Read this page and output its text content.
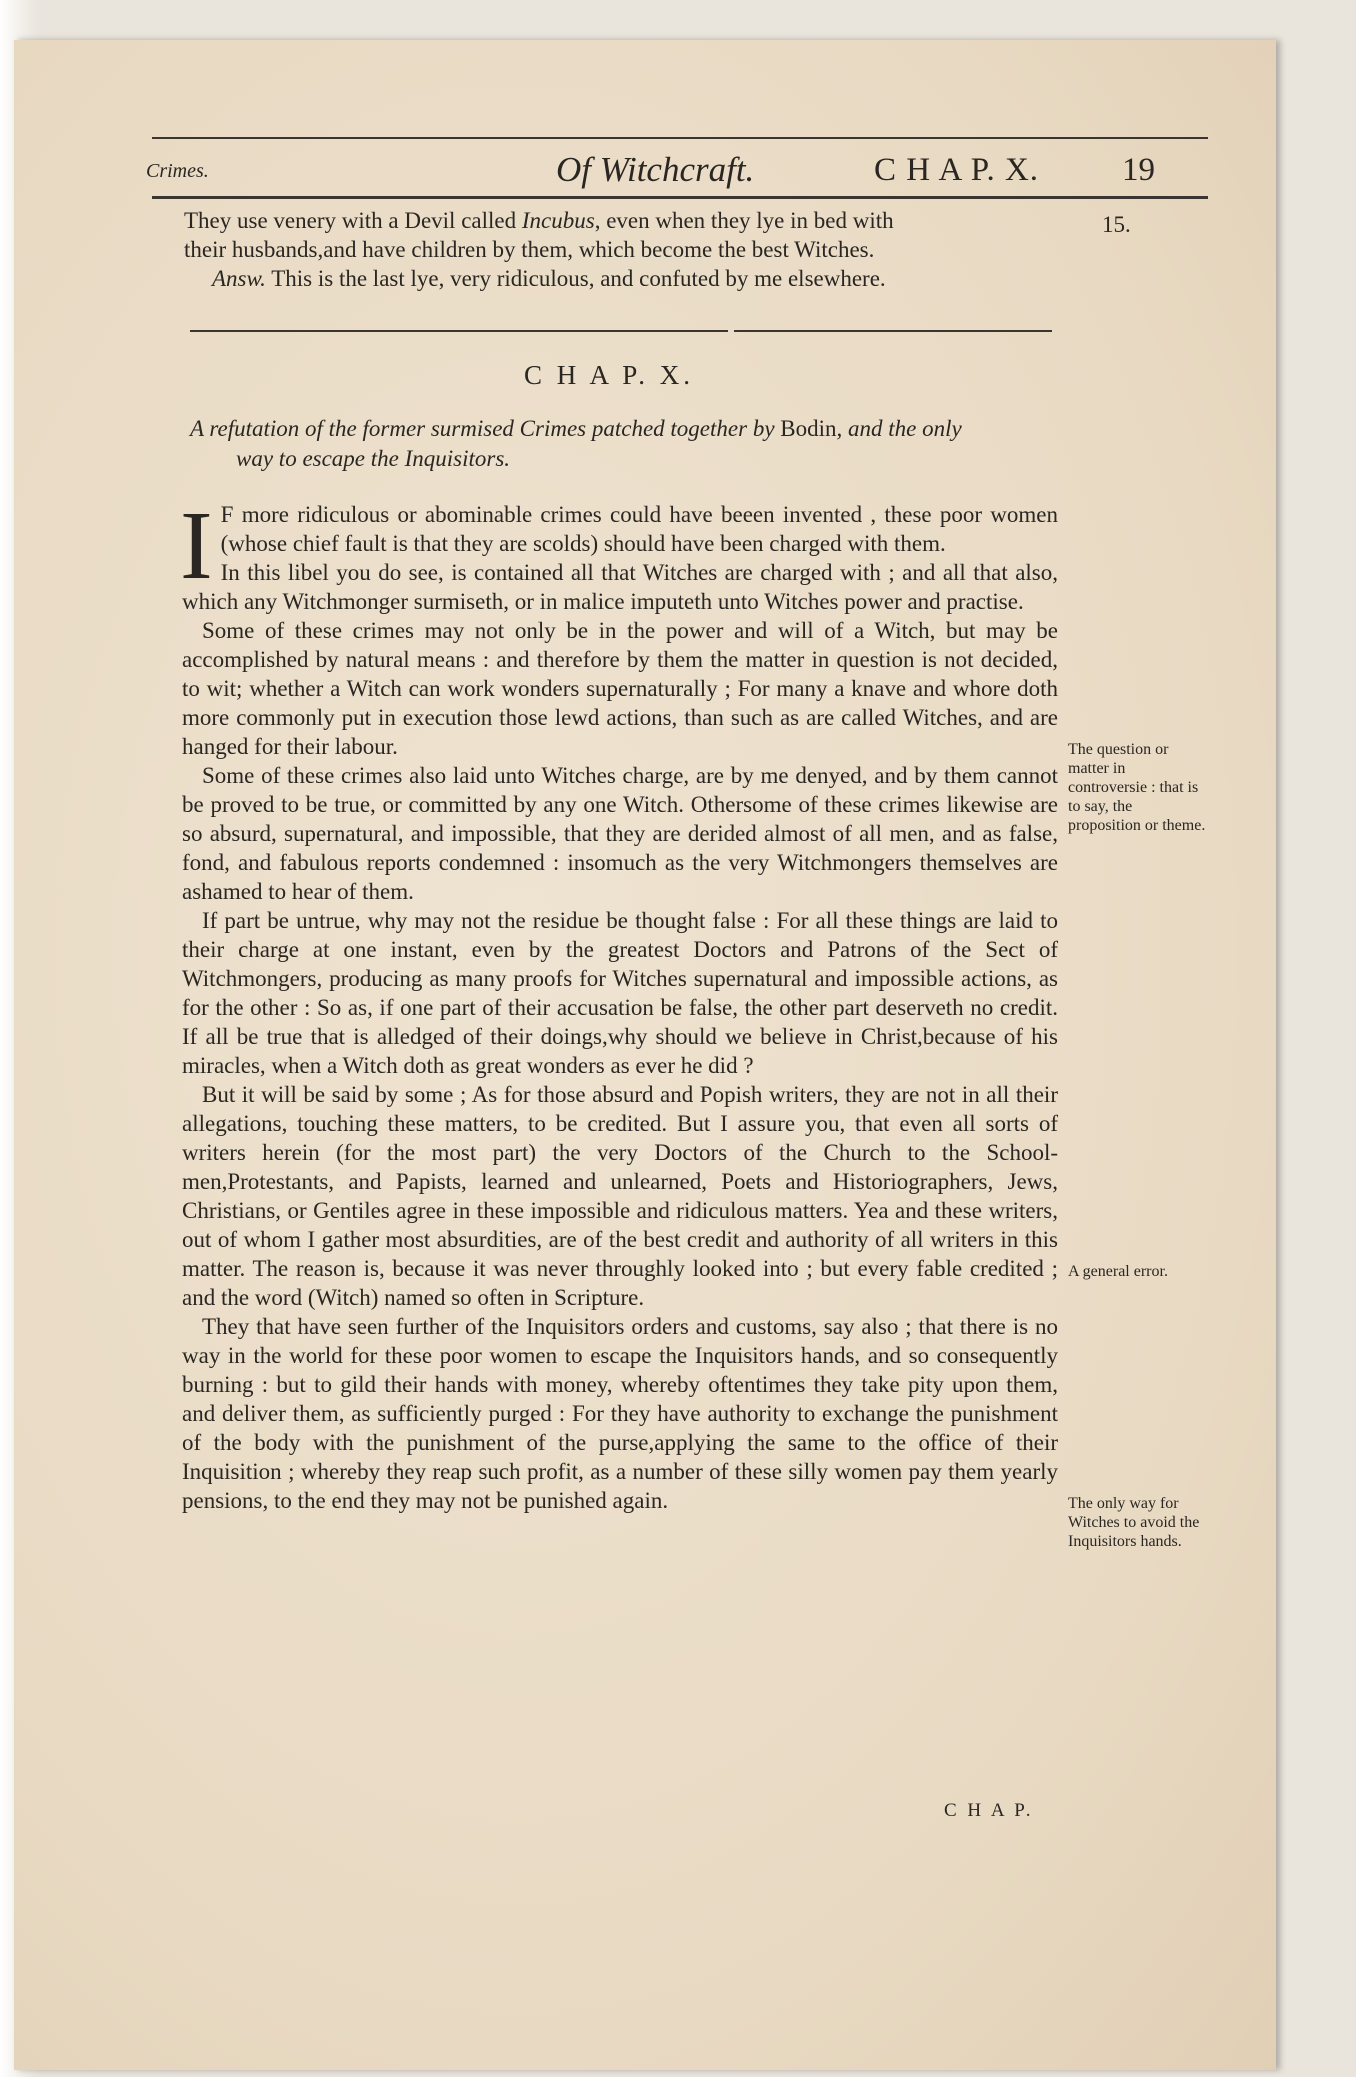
Crimes.	Of Witchcraft.	C H A P. X.	19
They use venery with a Devil called Incubus, even when they lye in bed with
their husbands,and have children by them, which become the best Witches.
Answ. This is the last lye, very ridiculous, and confuted by me elsewhere.
15.
C H A P. X.
A refutation of the former surmised Crimes patched together by Bodin, and the only
way to escape the Inquisitors.

I F more ridiculous or abominable crimes could have beeen invented , these poor women (whose chief fault is that they are scolds) should have been charged with them.

In this libel you do see, is contained all that Witches are charged with ; and all that also, which any Witchmonger surmiseth, or in malice imputeth unto Witches power and practise.

Some of these crimes may not only be in the power and will of a Witch, but may be accomplished by natural means : and therefore by them the matter in question is not decided, to wit; whether a Witch can work wonders supernaturally ; For many a knave and whore doth more commonly put in execution those lewd actions, than such as are called Witches, and are hanged for their labour.

Some of these crimes also laid unto Witches charge, are by me denyed, and by them cannot be proved to be true, or committed by any one Witch. Othersome of these crimes likewise are so absurd, supernatural, and impossible, that they are derided almost of all men, and as false, fond, and fabulous reports condemned : insomuch as the very Witchmongers themselves are ashamed to hear of them.

If part be untrue, why may not the residue be thought false : For all these things are laid to their charge at one instant, even by the greatest Doctors and Patrons of the Sect of Witchmongers, producing as many proofs for Witches supernatural and impossible actions, as for the other : So as, if one part of their accusation be false, the other part deserveth no credit. If all be true that is alledged of their doings,why should we believe in Christ,because of his miracles, when a Witch doth as great wonders as ever he did ?

But it will be said by some ; As for those absurd and Popish writers, they are not in all their allegations, touching these matters, to be credited. But I assure you, that even all sorts of writers herein (for the most part) the very Doctors of the Church to the School-men,Protestants, and Papists, learned and unlearned, Poets and Historiographers, Jews, Christians, or Gentiles agree in these impossible and ridiculous matters. Yea and these writers, out of whom I gather most absurdities, are of the best credit and authority of all writers in this matter. The reason is, because it was never throughly looked into ; but every fable credited ; and the word (Witch) named so often in Scripture.

They that have seen further of the Inquisitors orders and customs, say also ; that there is no way in the world for these poor women to escape the Inquisitors hands, and so consequently burning : but to gild their hands with money, whereby oftentimes they take pity upon them, and deliver them, as sufficiently purged : For they have authority to exchange the punishment of the body with the punishment of the purse,applying the same to the office of their Inquisition ; whereby they reap such profit, as a number of these silly women pay them yearly pensions, to the end they may not be punished again.

The question or matter in controversie : that is to say, the proposition or theme.
A general error.
The only way for Witches to avoid the Inquisitors hands.
C H A P.
